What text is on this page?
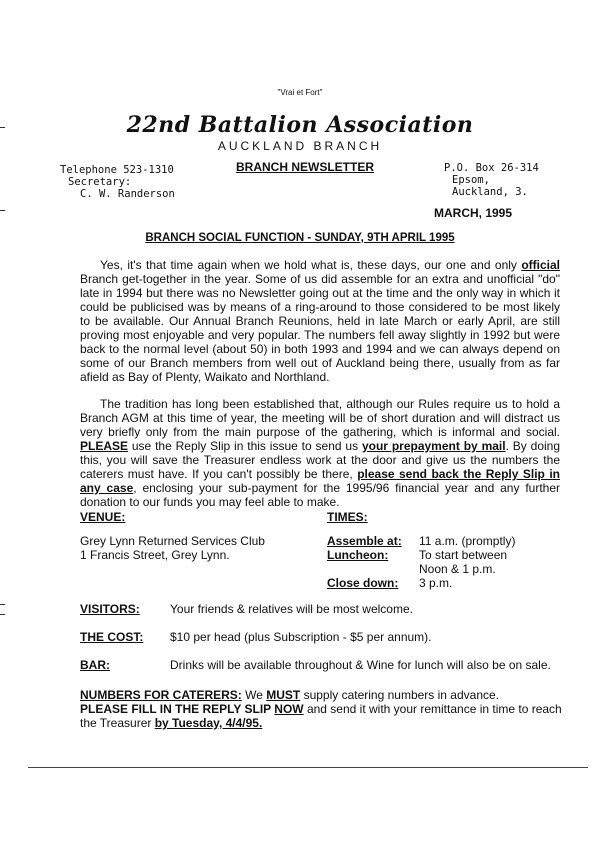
"Vrai et Fort"
22nd Battalion Association
AUCKLAND BRANCH
BRANCH NEWSLETTER
Telephone 523-1310
Secretary:
C. W. Randerson
P.O. Box 26-314
Epsom,
Auckland, 3.
MARCH, 1995
BRANCH SOCIAL FUNCTION - SUNDAY, 9TH APRIL 1995
Yes, it's that time again when we hold what is, these days, our one and only official Branch get-together in the year. Some of us did assemble for an extra and unofficial "do" late in 1994 but there was no Newsletter going out at the time and the only way in which it could be publicised was by means of a ring-around to those considered to be most likely to be available. Our Annual Branch Reunions, held in late March or early April, are still proving most enjoyable and very popular. The numbers fell away slightly in 1992 but were back to the normal level (about 50) in both 1993 and 1994 and we can always depend on some of our Branch members from well out of Auckland being there, usually from as far afield as Bay of Plenty, Waikato and Northland.
The tradition has long been established that, although our Rules require us to hold a Branch AGM at this time of year, the meeting will be of short duration and will distract us very briefly only from the main purpose of the gathering, which is informal and social. PLEASE use the Reply Slip in this issue to send us your prepayment by mail. By doing this, you will save the Treasurer endless work at the door and give us the numbers the caterers must have. If you can't possibly be there, please send back the Reply Slip in any case, enclosing your sub-payment for the 1995/96 financial year and any further donation to our funds you may feel able to make.
VENUE:
Grey Lynn Returned Services Club
1 Francis Street, Grey Lynn.
TIMES:
Assemble at: 11 a.m. (promptly)
Luncheon:	To start between
Noon & 1 p.m.
Close down: 3 p.m.
VISITORS:	Your friends & relatives will be most welcome.
THE COST: $10 per head (plus Subscription - $5 per annum).
BAR:	Drinks will be available throughout & Wine for lunch will also be on sale.
NUMBERS FOR CATERERS: We MUST supply catering numbers in advance.
PLEASE FILL IN THE REPLY SLIP NOW and send it with your remittance in time to reach
the Treasurer by Tuesday, 4/4/95.
